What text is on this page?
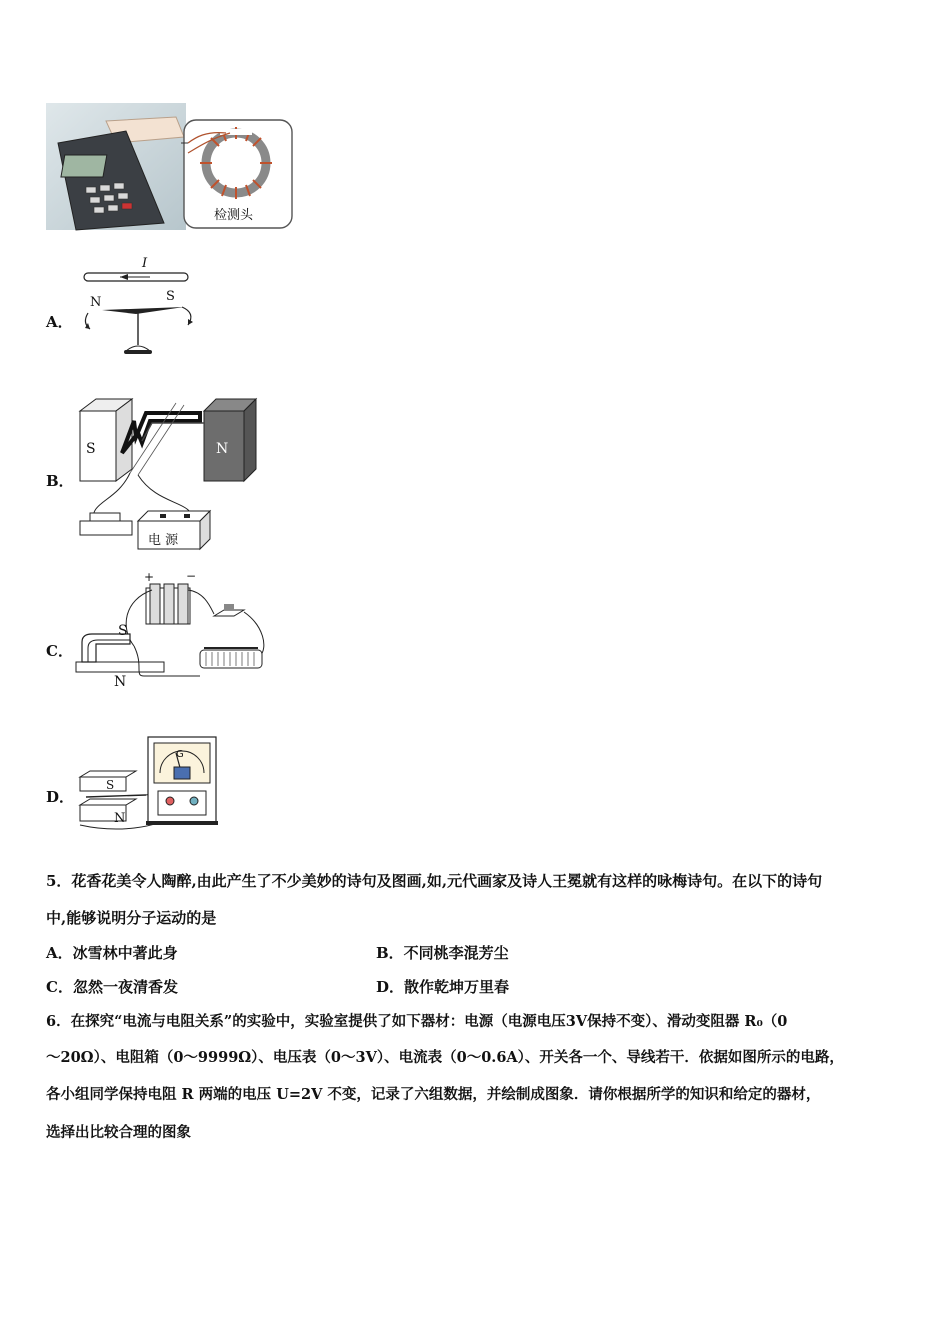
检测头
A．
I
N	S
B．
S	N
电 源
C．
+	−
S
N
D．
S
N
G
5．花香花美令人陶醉,由此产生了不少美妙的诗句及图画,如,元代画家及诗人王冕就有这样的咏梅诗句。在以下的诗句
中,能够说明分子运动的是
A．冰雪林中著此身	B．不同桃李混芳尘
C．忽然一夜清香发	D．散作乾坤万里春
6．在探究“电流与电阻关系”的实验中，实验室提供了如下器材：电源（电源电压3V保持不变）、滑动变阻器 R₀（0
～20Ω）、电阻箱（0～9999Ω）、电压表（0～3V）、电流表（0～0.6A）、开关各一个、导线若干．依据如图所示的电路，
各小组同学保持电阻 R 两端的电压 U=2V 不变，记录了六组数据，并绘制成图象．请你根据所学的知识和给定的器材，
选择出比较合理的图象
